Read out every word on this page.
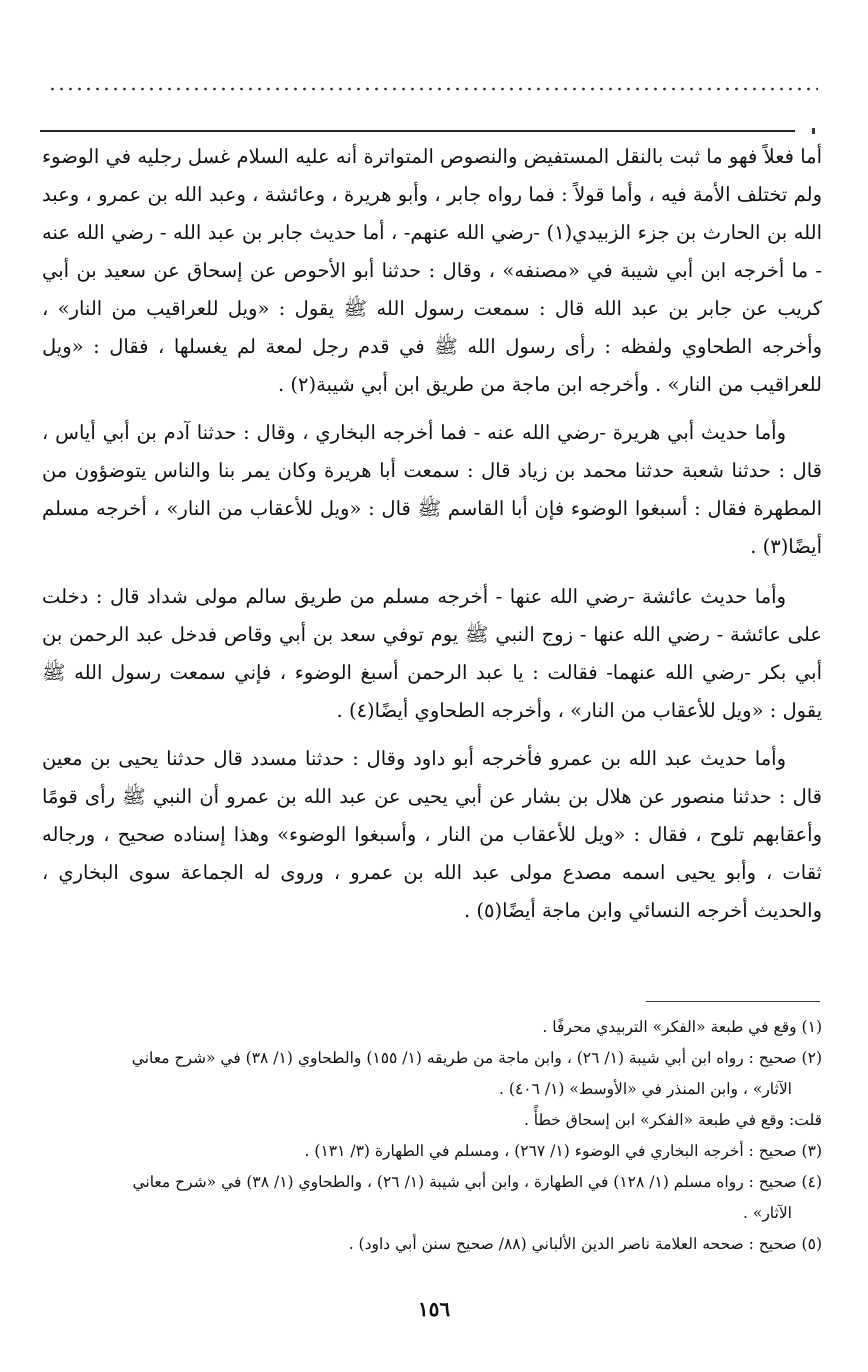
أما فعلاً فهو ما ثبت بالنقل المستفيض والنصوص المتواترة أنه عليه السلام غسل رجليه في الوضوء ولم تختلف الأمة فيه ، وأما قولاً : فما رواه جابر ، وأبو هريرة ، وعائشة ، وعبد الله بن عمرو ، وعبد الله بن الحارث بن جزء الزبيدي(١) -رضي الله عنهم- ، أما حديث جابر بن عبد الله - رضي الله عنه - ما أخرجه ابن أبي شيبة في «مصنفه» ، وقال : حدثنا أبو الأحوص عن إسحاق عن سعيد بن أبي كريب عن جابر بن عبد الله قال : سمعت رسول الله ﷺ يقول : «ويل للعراقيب من النار» ، وأخرجه الطحاوي ولفظه : رأى رسول الله ﷺ في قدم رجل لمعة لم يغسلها ، فقال : «ويل للعراقيب من النار» . وأخرجه ابن ماجة من طريق ابن أبي شيبة(٢) .

وأما حديث أبي هريرة -رضي الله عنه - فما أخرجه البخاري ، وقال : حدثنا آدم بن أبي أياس ، قال : حدثنا شعبة حدثنا محمد بن زياد قال : سمعت أبا هريرة وكان يمر بنا والناس يتوضؤون من المطهرة فقال : أسبغوا الوضوء فإن أبا القاسم ﷺ قال : «ويل للأعقاب من النار» ، أخرجه مسلم أيضًا(٣) .

وأما حديث عائشة -رضي الله عنها - أخرجه مسلم من طريق سالم مولى شداد قال : دخلت على عائشة - رضي الله عنها - زوج النبي ﷺ يوم توفي سعد بن أبي وقاص فدخل عبد الرحمن بن أبي بكر -رضي الله عنهما- فقالت : يا عبد الرحمن أسبغ الوضوء ، فإني سمعت رسول الله ﷺ يقول : «ويل للأعقاب من النار» ، وأخرجه الطحاوي أيضًا(٤) .

وأما حديث عبد الله بن عمرو فأخرجه أبو داود وقال : حدثنا مسدد قال حدثنا يحيى بن معين قال : حدثنا منصور عن هلال بن بشار عن أبي يحيى عن عبد الله بن عمرو أن النبي ﷺ رأى قومًا وأعقابهم تلوح ، فقال : «ويل للأعقاب من النار ، وأسبغوا الوضوء» وهذا إسناده صحيح ، ورجاله ثقات ، وأبو يحيى اسمه مصدع مولى عبد الله بن عمرو ، وروى له الجماعة سوى البخاري ، والحديث أخرجه النسائي وابن ماجة أيضًا(٥) .

(١) وقع في طبعة «الفكر» التربيدي محرفًا .

(٢) صحيح : رواه ابن أبي شيبة (١/ ٢٦) ، وابن ماجة من طريقه (١/ ١٥٥) والطحاوي (١/ ٣٨) في «شرح معاني
الآثار» ، وابن المنذر في «الأوسط» (١/ ٤٠٦) .

قلت: وقع في طبعة «الفكر» ابن إسحاق خطأً .

(٣) صحيح : أخرجه البخاري في الوضوء (١/ ٢٦٧) ، ومسلم في الطهارة (٣/ ١٣١) .

(٤) صحيح : رواه مسلم (١/ ١٢٨) في الطهارة ، وابن أبي شيبة (١/ ٢٦) ، والطحاوي (١/ ٣٨) في «شرح معاني
الآثار» .

(٥) صحيح : صححه العلامة ناصر الدين الألباني (٨٨/ صحيح سنن أبي داود) .

١٥٦
